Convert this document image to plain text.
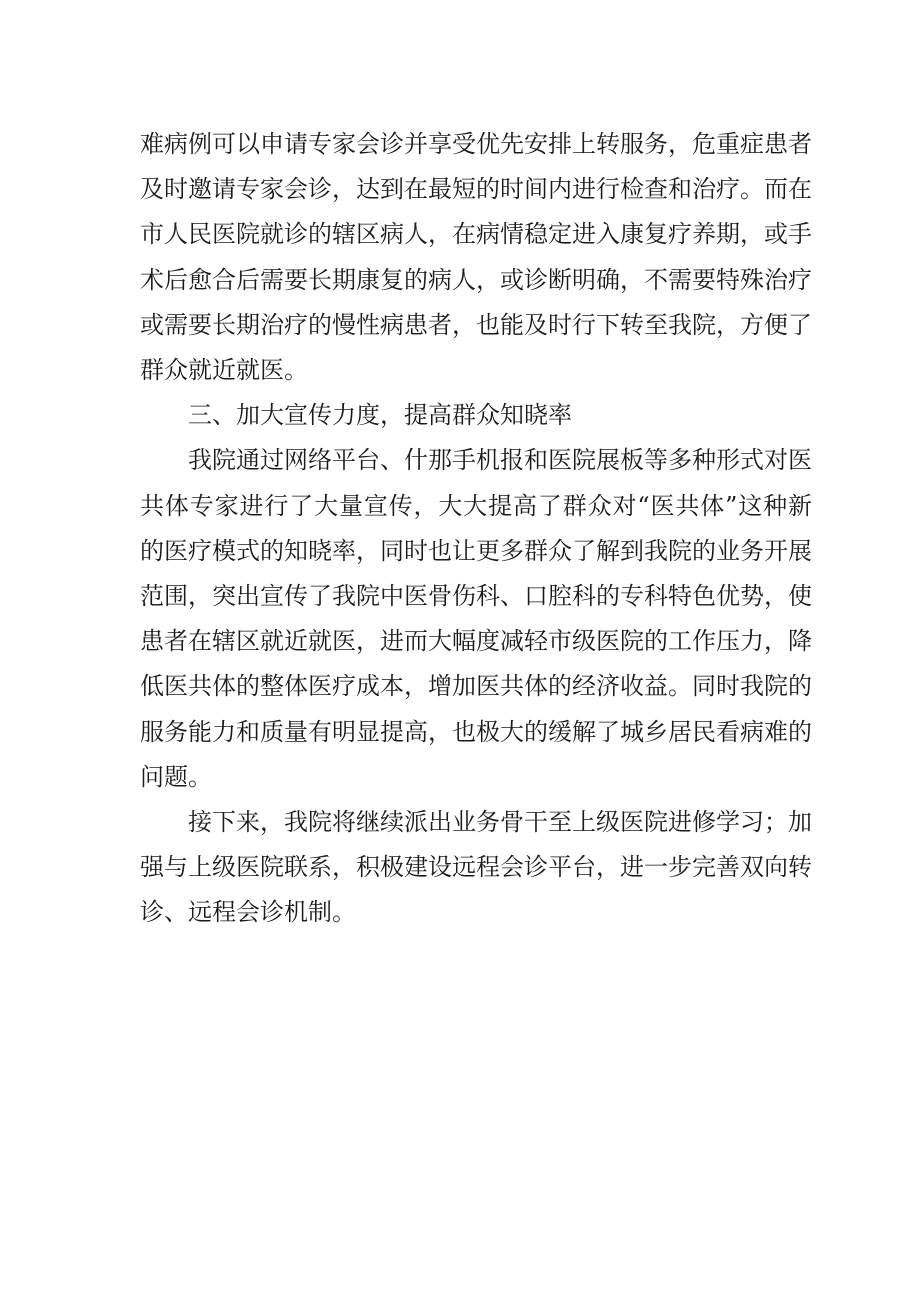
难病例可以申请专家会诊并享受优先安排上转服务，危重症患者及时邀请专家会诊，达到在最短的时间内进行检查和治疗。而在市人民医院就诊的辖区病人，在病情稳定进入康复疗养期，或手术后愈合后需要长期康复的病人，或诊断明确，不需要特殊治疗或需要长期治疗的慢性病患者，也能及时行下转至我院，方便了群众就近就医。

三、加大宣传力度，提高群众知晓率

我院通过网络平台、什那手机报和医院展板等多种形式对医共体专家进行了大量宣传，大大提高了群众对“医共体”这种新的医疗模式的知晓率，同时也让更多群众了解到我院的业务开展范围，突出宣传了我院中医骨伤科、口腔科的专科特色优势，使患者在辖区就近就医，进而大幅度减轻市级医院的工作压力，降低医共体的整体医疗成本，增加医共体的经济收益。同时我院的服务能力和质量有明显提高，也极大的缓解了城乡居民看病难的问题。

接下来，我院将继续派出业务骨干至上级医院进修学习；加强与上级医院联系，积极建设远程会诊平台，进一步完善双向转诊、远程会诊机制。
